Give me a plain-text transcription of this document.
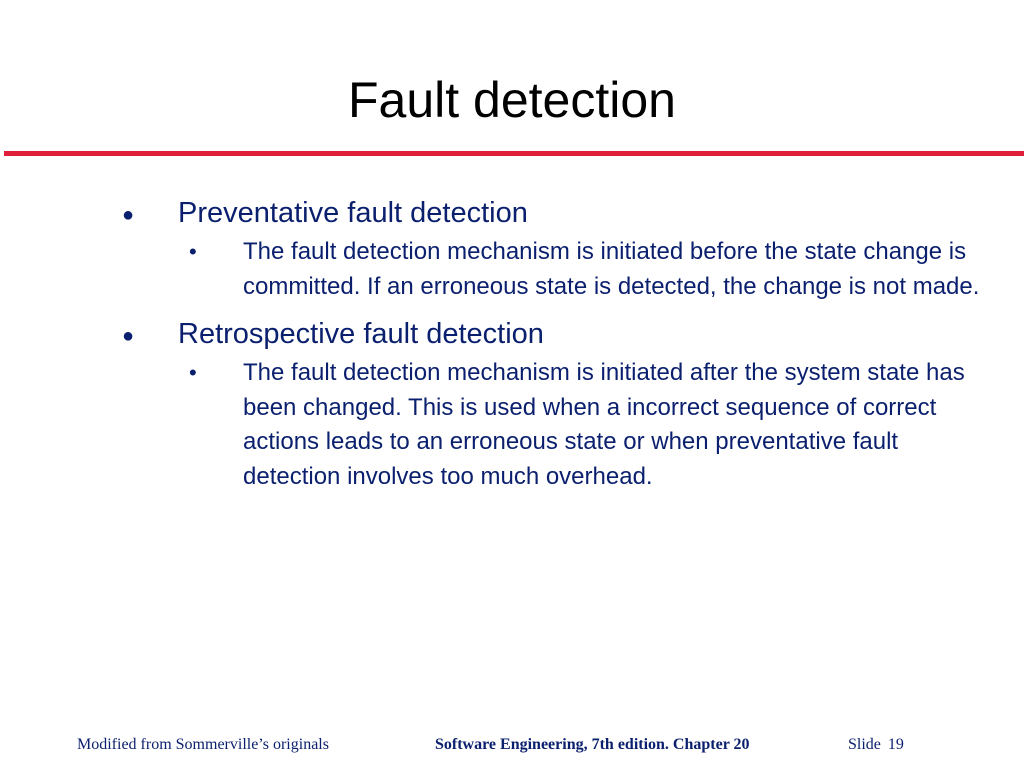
Fault detection
● Preventative fault detection
• The fault detection mechanism is initiated before the state change is committed. If an erroneous state is detected, the change is not made.
● Retrospective fault detection
• The fault detection mechanism is initiated after the system state has been changed. This is used when a incorrect sequence of correct actions leads to an erroneous state or when preventative fault detection involves too much overhead.
Modified from Sommerville’s originals	Software Engineering, 7th edition. Chapter 20	Slide 19
